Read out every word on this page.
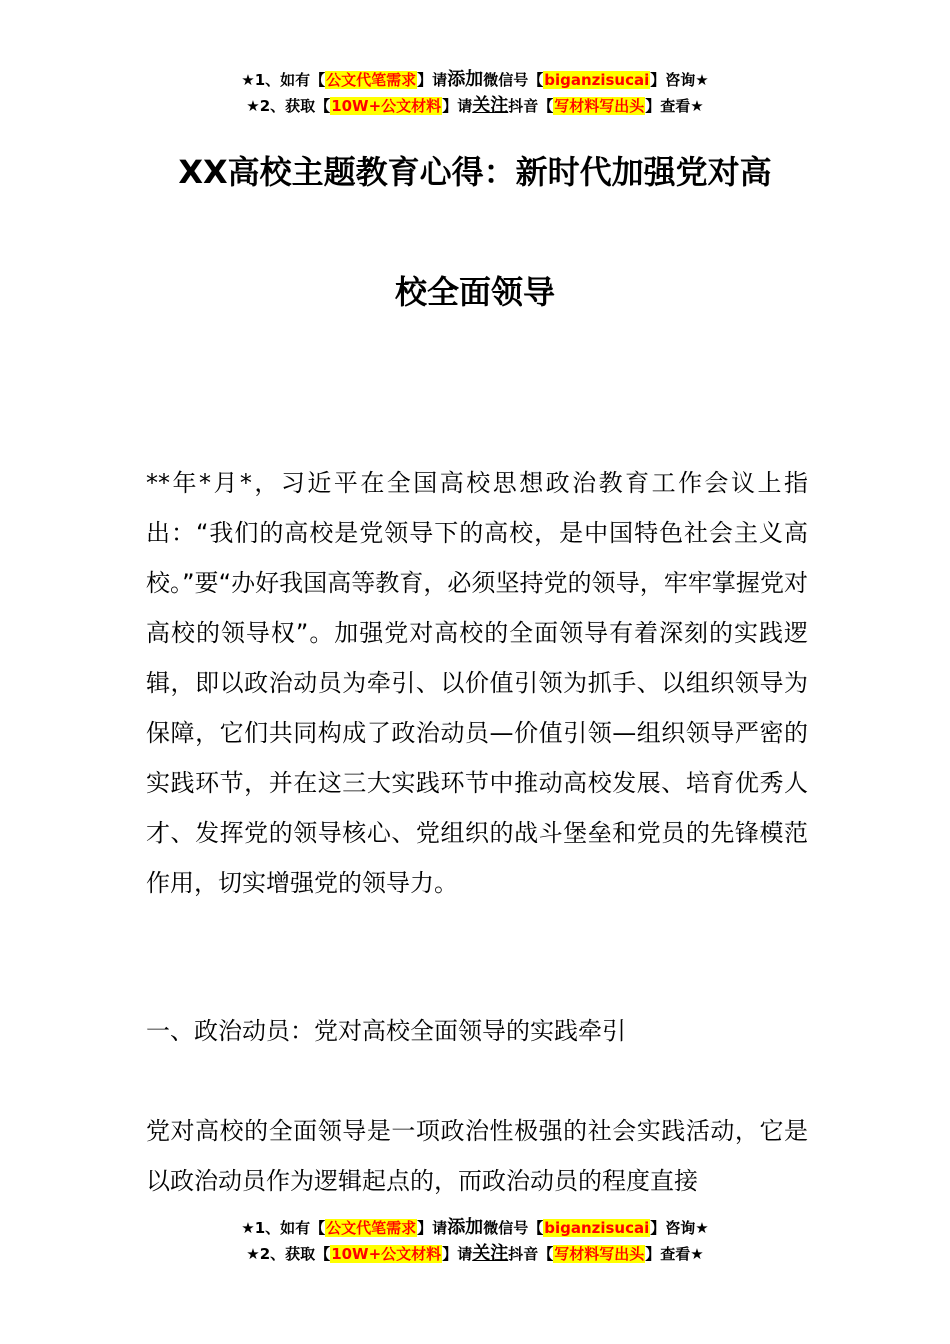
★1、如有【公文代笔需求】请添加微信号【biganzisucai】咨询★
★2、获取【10W+公文材料】请关注抖音【写材料写出头】查看★
XX高校主题教育心得：新时代加强党对高
校全面领导

**年*月*，习近平在全国高校思想政治教育工作会议上指出：“我们的高校是党领导下的高校，是中国特色社会主义高校。”要“办好我国高等教育，必须坚持党的领导，牢牢掌握党对高校的领导权”。加强党对高校的全面领导有着深刻的实践逻辑，即以政治动员为牵引、以价值引领为抓手、以组织领导为保障，它们共同构成了政治动员—价值引领—组织领导严密的实践环节，并在这三大实践环节中推动高校发展、培育优秀人才、发挥党的领导核心、党组织的战斗堡垒和党员的先锋模范作用，切实增强党的领导力。

一、政治动员：党对高校全面领导的实践牵引

党对高校的全面领导是一项政治性极强的社会实践活动，它是以政治动员作为逻辑起点的，而政治动员的程度直接

★1、如有【公文代笔需求】请添加微信号【biganzisucai】咨询★
★2、获取【10W+公文材料】请关注抖音【写材料写出头】查看★
